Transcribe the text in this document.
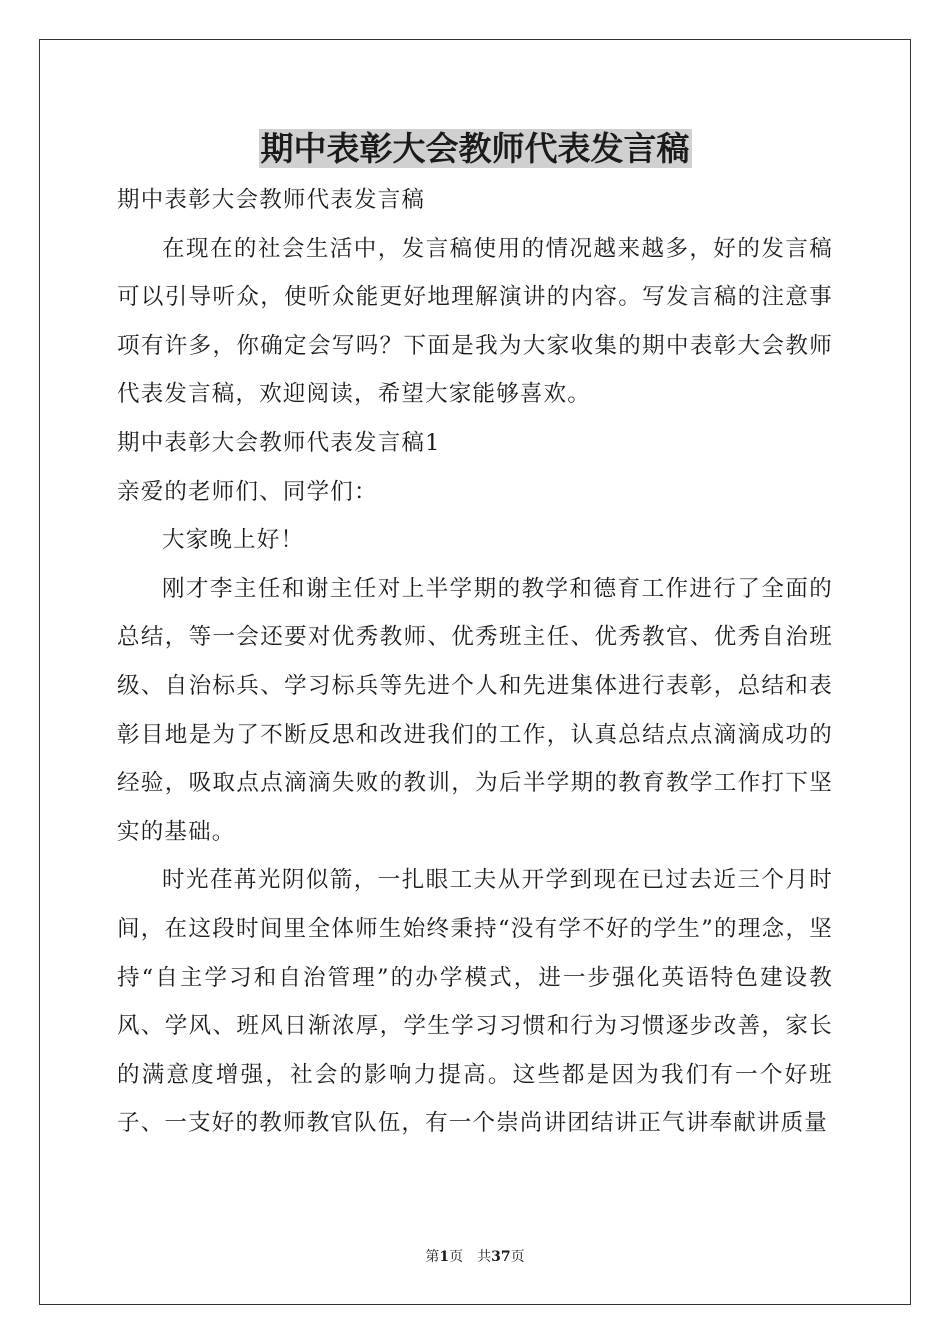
期中表彰大会教师代表发言稿

期中表彰大会教师代表发言稿

在现在的社会生活中，发言稿使用的情况越来越多，好的发言稿可以引导听众，使听众能更好地理解演讲的内容。写发言稿的注意事项有许多，你确定会写吗？下面是我为大家收集的期中表彰大会教师代表发言稿，欢迎阅读，希望大家能够喜欢。

期中表彰大会教师代表发言稿1

亲爱的老师们、同学们：

大家晚上好！

刚才李主任和谢主任对上半学期的教学和德育工作进行了全面的总结，等一会还要对优秀教师、优秀班主任、优秀教官、优秀自治班级、自治标兵、学习标兵等先进个人和先进集体进行表彰，总结和表彰目地是为了不断反思和改进我们的工作，认真总结点点滴滴成功的经验，吸取点点滴滴失败的教训，为后半学期的教育教学工作打下坚实的基础。

时光荏苒光阴似箭，一扎眼工夫从开学到现在已过去近三个月时间，在这段时间里全体师生始终秉持“没有学不好的学生”的理念，坚持“自主学习和自治管理”的办学模式，进一步强化英语特色建设教风、学风、班风日渐浓厚，学生学习习惯和行为习惯逐步改善，家长的满意度增强，社会的影响力提高。这些都是因为我们有一个好班子、一支好的教师教官队伍，有一个崇尚讲团结讲正气讲奉献讲质量

第1页 共37页
